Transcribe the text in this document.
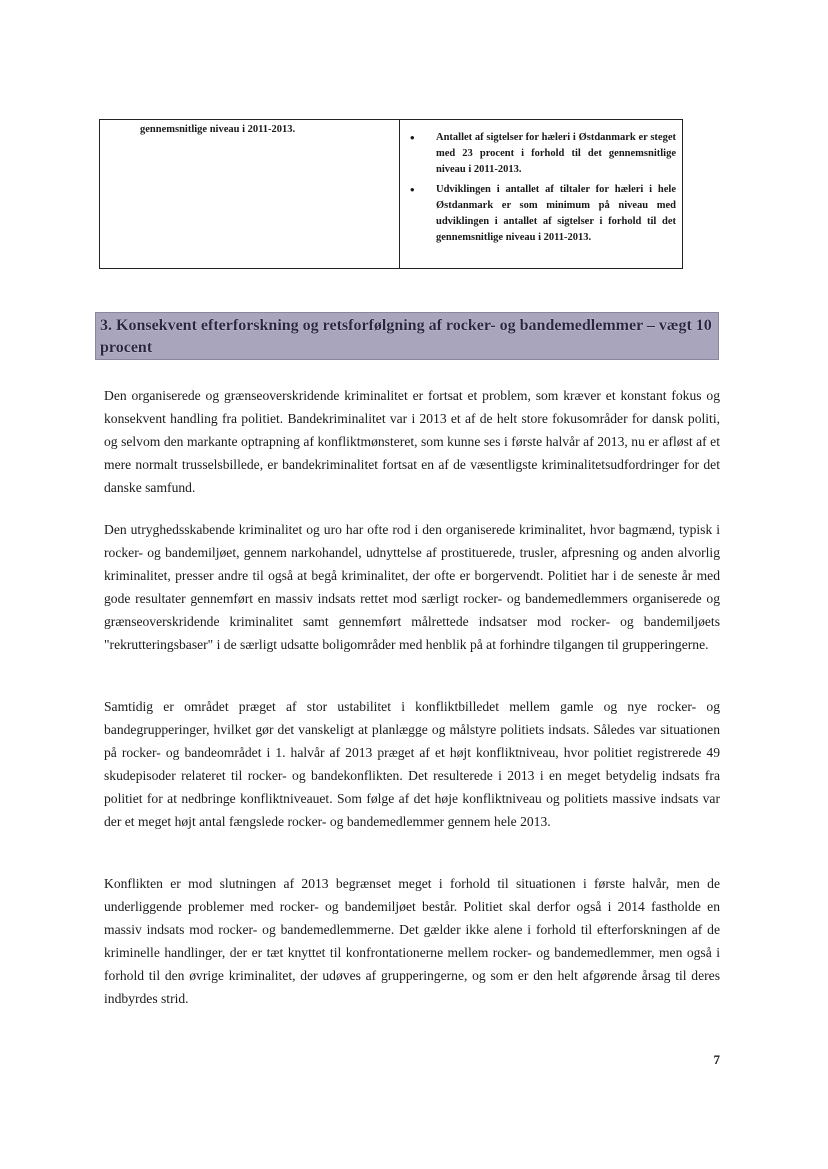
gennemsnitlige niveau i 2011-2013.
• Antallet af sigtelser for hæleri i Østdanmark er steget med 23 procent i forhold til det gennemsnitlige niveau i 2011-2013.
• Udviklingen i antallet af tiltaler for hæleri i hele Østdanmark er som minimum på niveau med udviklingen i antallet af sigtelser i forhold til det gennemsnitlige niveau i 2011-2013.
3. Konsekvent efterforskning og retsforfølgning af rocker- og bandemedlemmer – vægt 10 procent

Den organiserede og grænseoverskridende kriminalitet er fortsat et problem, som kræver et konstant fokus og konsekvent handling fra politiet. Bandekriminalitet var i 2013 et af de helt store fokusområder for dansk politi, og selvom den markante optrapning af konfliktmønsteret, som kunne ses i første halvår af 2013, nu er afløst af et mere normalt trusselsbillede, er bandekriminalitet fortsat en af de væsentligste kriminalitetsudfordringer for det danske samfund.

Den utryghedsskabende kriminalitet og uro har ofte rod i den organiserede kriminalitet, hvor bagmænd, typisk i rocker- og bandemiljøet, gennem narkohandel, udnyttelse af prostituerede, trusler, afpresning og anden alvorlig kriminalitet, presser andre til også at begå kriminalitet, der ofte er borgervendt. Politiet har i de seneste år med gode resultater gennemført en massiv indsats rettet mod særligt rocker- og bandemedlemmers organiserede og grænseoverskridende kriminalitet samt gennemført målrettede indsatser mod rocker- og bandemiljøets "rekrutteringsbaser" i de særligt udsatte boligområder med henblik på at forhindre tilgangen til grupperingerne.

Samtidig er området præget af stor ustabilitet i konfliktbilledet mellem gamle og nye rocker- og bandegrupperinger, hvilket gør det vanskeligt at planlægge og målstyre politiets indsats. Således var situationen på rocker- og bandeområdet i 1. halvår af 2013 præget af et højt konfliktniveau, hvor politiet registrerede 49 skudepisoder relateret til rocker- og bandekonflikten. Det resulterede i 2013 i en meget betydelig indsats fra politiet for at nedbringe konfliktniveauet. Som følge af det høje konfliktniveau og politiets massive indsats var der et meget højt antal fængslede rocker- og bandemedlemmer gennem hele 2013.

Konflikten er mod slutningen af 2013 begrænset meget i forhold til situationen i første halvår, men de underliggende problemer med rocker- og bandemiljøet består. Politiet skal derfor også i 2014 fastholde en massiv indsats mod rocker- og bandemedlemmerne. Det gælder ikke alene i forhold til efterforskningen af de kriminelle handlinger, der er tæt knyttet til konfrontationerne mellem rocker- og bandemedlemmer, men også i forhold til den øvrige kriminalitet, der udøves af grupperingerne, og som er den helt afgørende årsag til deres indbyrdes strid.

7
